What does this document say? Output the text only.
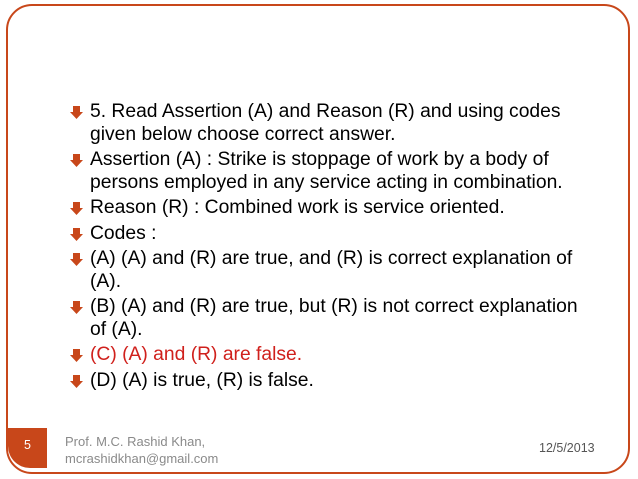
5. Read Assertion (A) and Reason (R) and using codes given below choose correct answer.
Assertion (A) : Strike is stoppage of work by a body of persons employed in any service acting in combination.
Reason (R) : Combined work is service oriented.
Codes :
(A) (A) and (R) are true, and (R) is correct explanation of (A).
(B) (A) and (R) are true, but (R) is not correct explanation of (A).
(C) (A) and (R) are false.
(D) (A) is true, (R) is false.
5	Prof. M.C. Rashid Khan,
mcrashidkhan@gmail.com
12/5/2013
